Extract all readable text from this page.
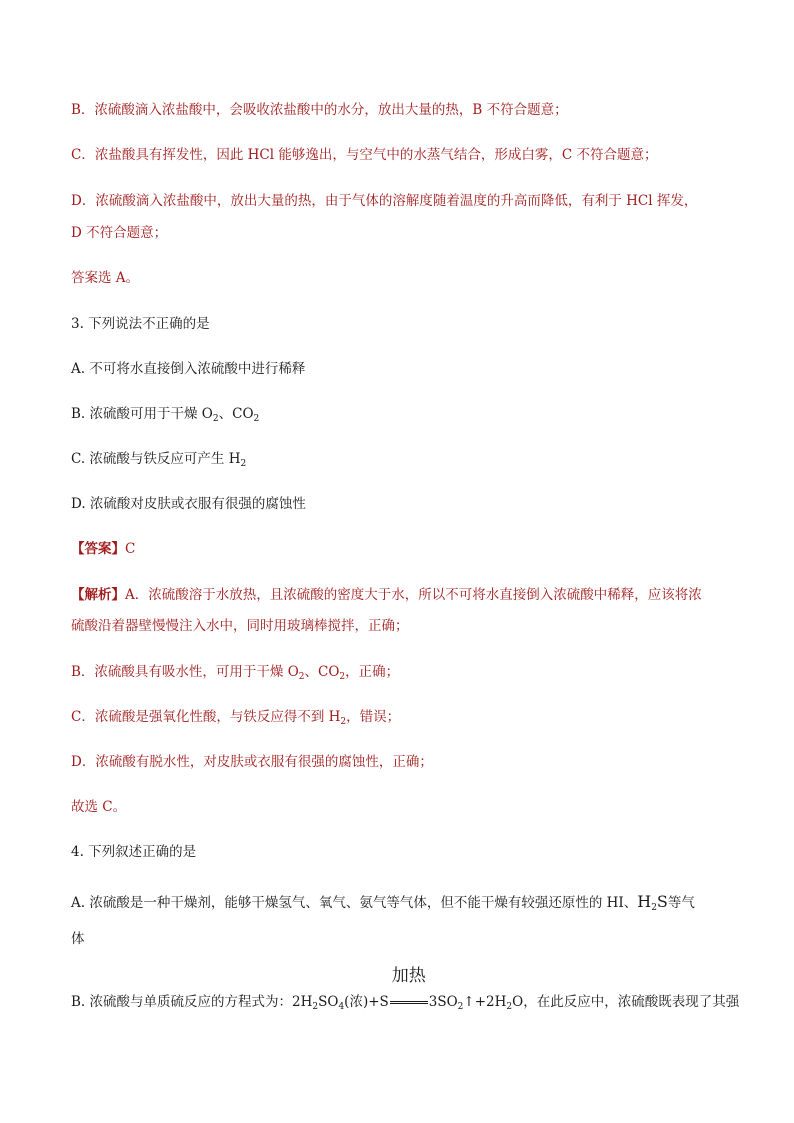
B．浓硫酸滴入浓盐酸中，会吸收浓盐酸中的水分，放出大量的热，B 不符合题意；
C．浓盐酸具有挥发性，因此 HCl 能够逸出，与空气中的水蒸气结合，形成白雾，C 不符合题意；
D．浓硫酸滴入浓盐酸中，放出大量的热，由于气体的溶解度随着温度的升高而降低，有利于 HCl 挥发，
D 不符合题意；
答案选 A。
3. 下列说法不正确的是
A. 不可将水直接倒入浓硫酸中进行稀释
B. 浓硫酸可用于干燥 $O_2$、$CO_2$
C. 浓硫酸与铁反应可产生 $H_2$
D. 浓硫酸对皮肤或衣服有很强的腐蚀性
【答案】C
【解析】A．浓硫酸溶于水放热，且浓硫酸的密度大于水，所以不可将水直接倒入浓硫酸中稀释，应该将浓
硫酸沿着器壁慢慢注入水中，同时用玻璃棒搅拌，正确；
B．浓硫酸具有吸水性，可用于干燥 $O_2$、$CO_2$，正确；
C．浓硫酸是强氧化性酸，与铁反应得不到 $H_2$，错误；
D．浓硫酸有脱水性，对皮肤或衣服有很强的腐蚀性，正确；
故选 C。
4. 下列叙述正确的是
A. 浓硫酸是一种干燥剂，能够干燥氢气、氧气、氨气等气体，但不能干燥有较强还原性的 HI、$H_2S$等气
体
B. 浓硫酸与单质硫反应的方程式为：$2H_2SO_4$(浓)+S
加热
$3SO_2↑+2H_2O$，在此反应中，浓硫酸既表现了其强
